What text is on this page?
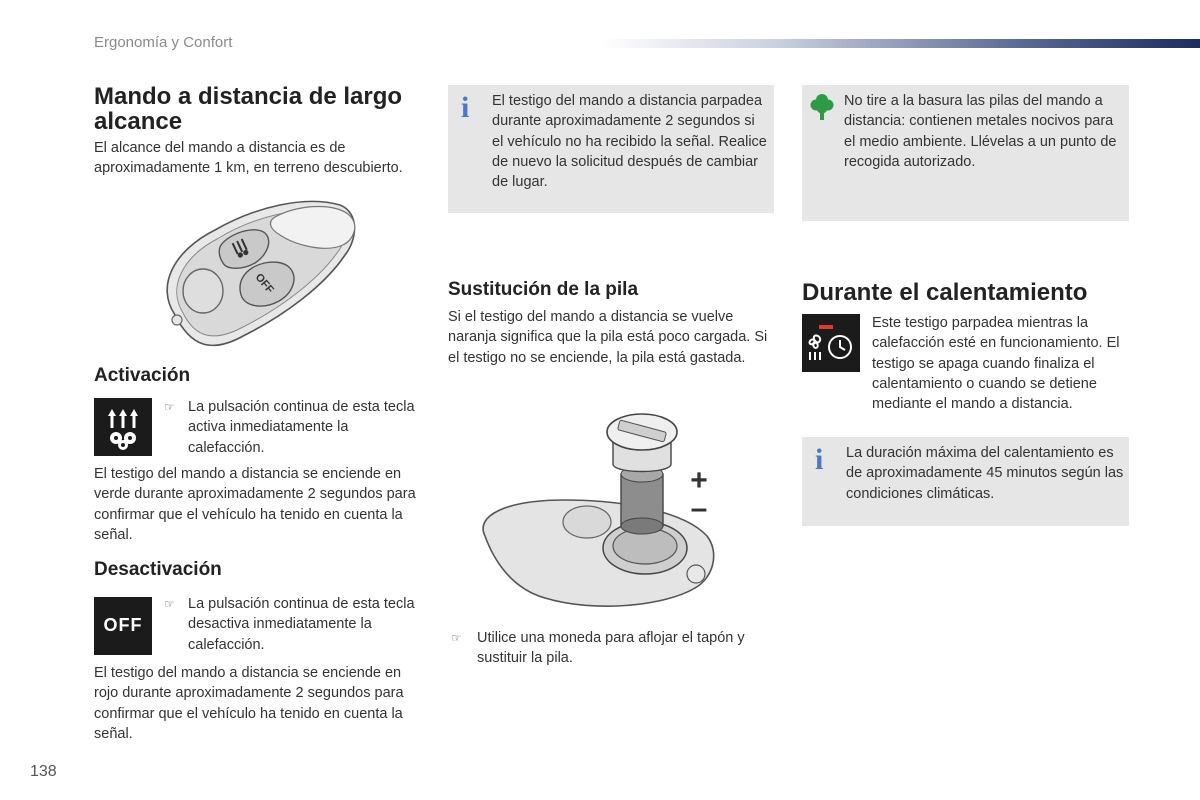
Ergonomía y Confort
Mando a distancia de largo alcance
El alcance del mando a distancia es de aproximadamente 1 km, en terreno descubierto.
OFF
Activación
☞ La pulsación continua de esta tecla activa inmediatamente la calefacción.
El testigo del mando a distancia se enciende en verde durante aproximadamente 2 segundos para confirmar que el vehículo ha tenido en cuenta la señal.
Desactivación
OFF
☞ La pulsación continua de esta tecla desactiva inmediatamente la calefacción.
El testigo del mando a distancia se enciende en rojo durante aproximadamente 2 segundos para confirmar que el vehículo ha tenido en cuenta la señal.
i El testigo del mando a distancia parpadea durante aproximadamente 2 segundos si el vehículo no ha recibido la señal. Realice de nuevo la solicitud después de cambiar de lugar.
Sustitución de la pila
Si el testigo del mando a distancia se vuelve naranja significa que la pila está poco cargada. Si el testigo no se enciende, la pila está gastada.
+
–
☞ Utilice una moneda para aflojar el tapón y sustituir la pila.
No tire a la basura las pilas del mando a distancia: contienen metales nocivos para el medio ambiente. Llévelas a un punto de recogida autorizado.
Durante el calentamiento
Este testigo parpadea mientras la calefacción esté en funcionamiento. El testigo se apaga cuando finaliza el calentamiento o cuando se detiene mediante el mando a distancia.
i La duración máxima del calentamiento es de aproximadamente 45 minutos según las condiciones climáticas.
138
